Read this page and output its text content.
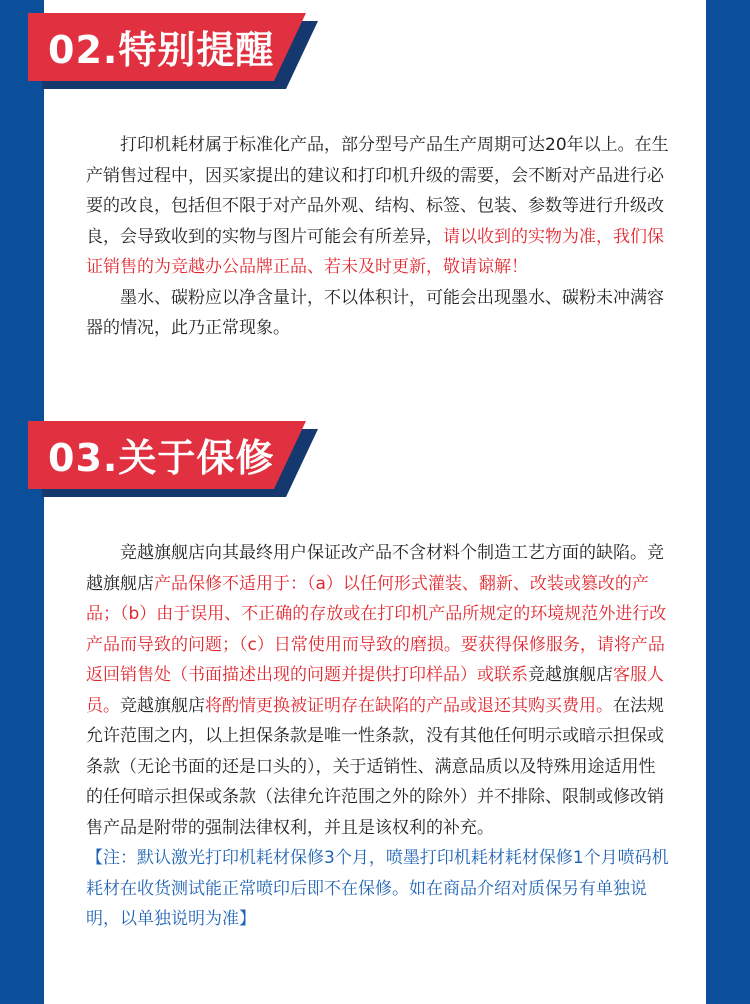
02.特别提醒

打印机耗材属于标准化产品，部分型号产品生产周期可达20年以上。在生产销售过程中，因买家提出的建议和打印机升级的需要，会不断对产品进行必要的改良，包括但不限于对产品外观、结构、标签、包装、参数等进行升级改良，会导致收到的实物与图片可能会有所差异，请以收到的实物为准，我们保证销售的为竞越办公品牌正品、若未及时更新，敬请谅解！

墨水、碳粉应以净含量计，不以体积计，可能会出现墨水、碳粉未冲满容器的情况，此乃正常现象。

03.关于保修

竞越旗舰店向其最终用户保证改产品不含材料个制造工艺方面的缺陷。竞越旗舰店产品保修不适用于：（a）以任何形式灌装、翻新、改装或篡改的产品；（b）由于误用、不正确的存放或在打印机产品所规定的环境规范外进行改产品而导致的问题；（c）日常使用而导致的磨损。要获得保修服务，请将产品返回销售处（书面描述出现的问题并提供打印样品）或联系竞越旗舰店客服人员。竞越旗舰店将酌情更换被证明存在缺陷的产品或退还其购买费用。在法规允许范围之内，以上担保条款是唯一性条款，没有其他任何明示或暗示担保或条款（无论书面的还是口头的），关于适销性、满意品质以及特殊用途适用性的任何暗示担保或条款（法律允许范围之外的除外）并不排除、限制或修改销售产品是附带的强制法律权利，并且是该权利的补充。

【注：默认激光打印机耗材保修3个月，喷墨打印机耗材耗材保修1个月喷码机耗材在收货测试能正常喷印后即不在保修。如在商品介绍对质保另有单独说明，以单独说明为准】
